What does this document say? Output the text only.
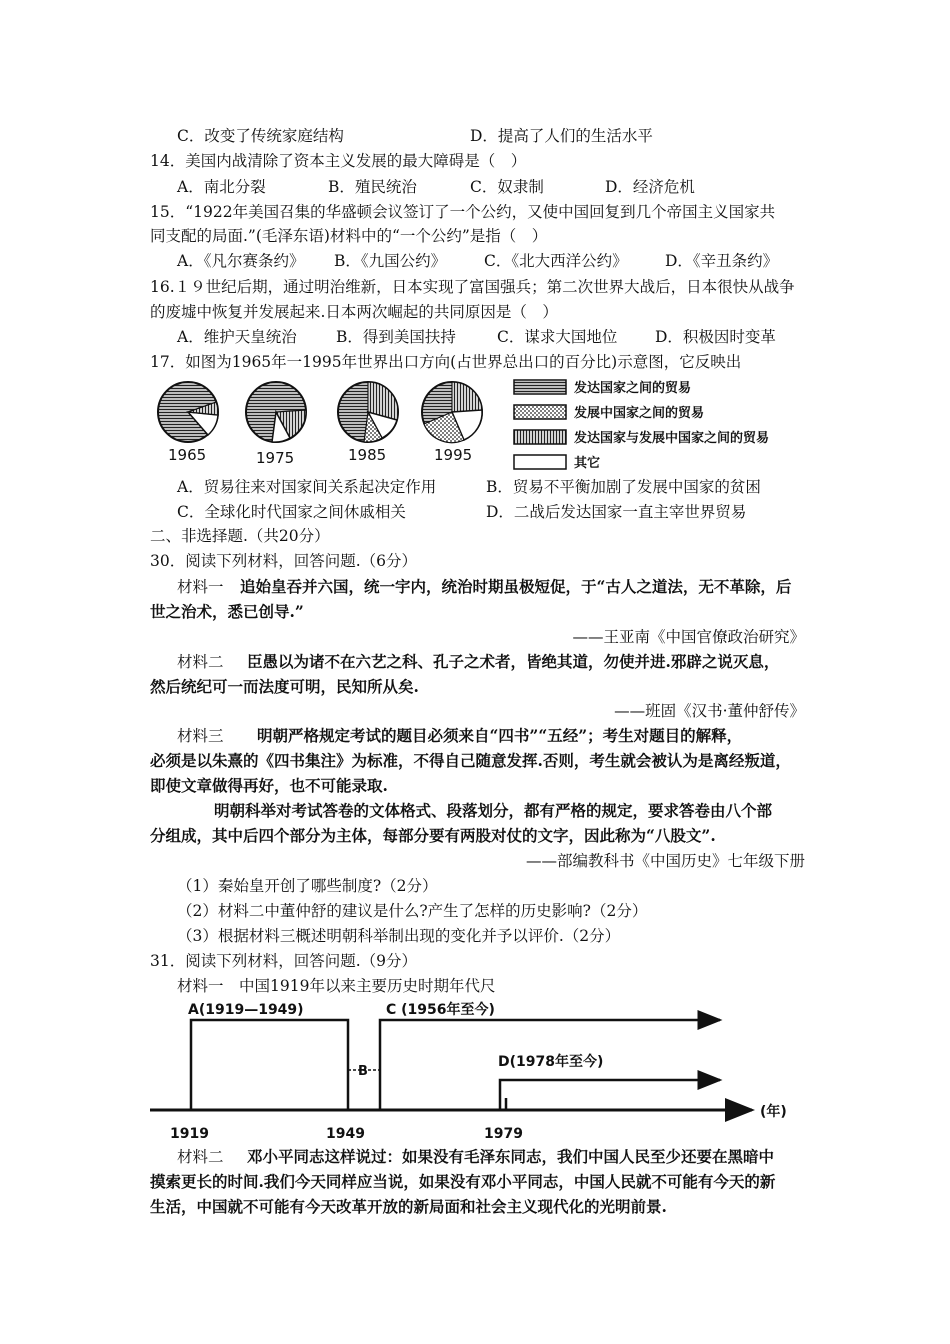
C．改变了传统家庭结构	D．提高了人们的生活水平
14．美国内战清除了资本主义发展的最大障碍是（　）
A．南北分裂	B．殖民统治	C．奴隶制	D．经济危机
15．“1922年美国召集的华盛顿会议签订了一个公约，又使中国回复到几个帝国主义国家共
同支配的局面.”(毛泽东语)材料中的“一个公约”是指（　）
A．《凡尔赛条约》 B．《九国公约》 C．《北大西洋公约》 D．《辛丑条约》
16.１９世纪后期，通过明治维新，日本实现了富国强兵；第二次世界大战后，日本很快从战争
的废墟中恢复并发展起来.日本两次崛起的共同原因是（　）
A．维护天皇统治	B．得到美国扶持	C．谋求大国地位 D．积极因时变革
17．如图为1965年一1995年世界出口方向(占世界总出口的百分比)示意图，它反映出
1965	1975	1985	1995
发达国家之间的贸易
发展中国家之间的贸易
发达国家与发展中国家之间的贸易
其它
A．贸易往来对国家间关系起决定作用	B．贸易不平衡加剧了发展中国家的贫困
C．全球化时代国家之间休戚相关	D．二战后发达国家一直主宰世界贸易
二、非选择题.（共20分）
30．阅读下列材料，回答问题.（6分）
材料一 追始皇吞并六国，统一宇内，统治时期虽极短促，于“古人之道法，无不革除，后
世之治术，悉已创导.”
——王亚南《中国官僚政治研究》
材料二 臣愚以为诸不在六艺之科、孔子之术者，皆绝其道，勿使并进.邪辟之说灭息，
然后统纪可一而法度可明，民知所从矣.
——班固《汉书·董仲舒传》
材料三 明朝严格规定考试的题目必须来自“四书”“五经”；考生对题目的解释，
必须是以朱熹的《四书集注》为标准，不得自己随意发挥.否则，考生就会被认为是离经叛道，
即使文章做得再好，也不可能录取.
明朝科举对考试答卷的文体格式、段落划分，都有严格的规定，要求答卷由八个部
分组成，其中后四个部分为主体，每部分要有两股对仗的文字，因此称为“八股文”.
——部编教科书《中国历史》七年级下册
（1）秦始皇开创了哪些制度?（2分）
（2）材料二中董仲舒的建议是什么?产生了怎样的历史影响?（2分）
（3）根据材料三概述明朝科举制出现的变化并予以评价.（2分）
31．阅读下列材料，回答问题.（9分）
材料一　中国1919年以来主要历史时期年代尺
A(1919—1949)
B
C (1956年至今)
D(1978年至今)
(年)
1919	1949	1979
材料二 邓小平同志这样说过：如果没有毛泽东同志，我们中国人民至少还要在黑暗中
摸索更长的时间.我们今天同样应当说，如果没有邓小平同志，中国人民就不可能有今天的新
生活，中国就不可能有今天改革开放的新局面和社会主义现代化的光明前景.
